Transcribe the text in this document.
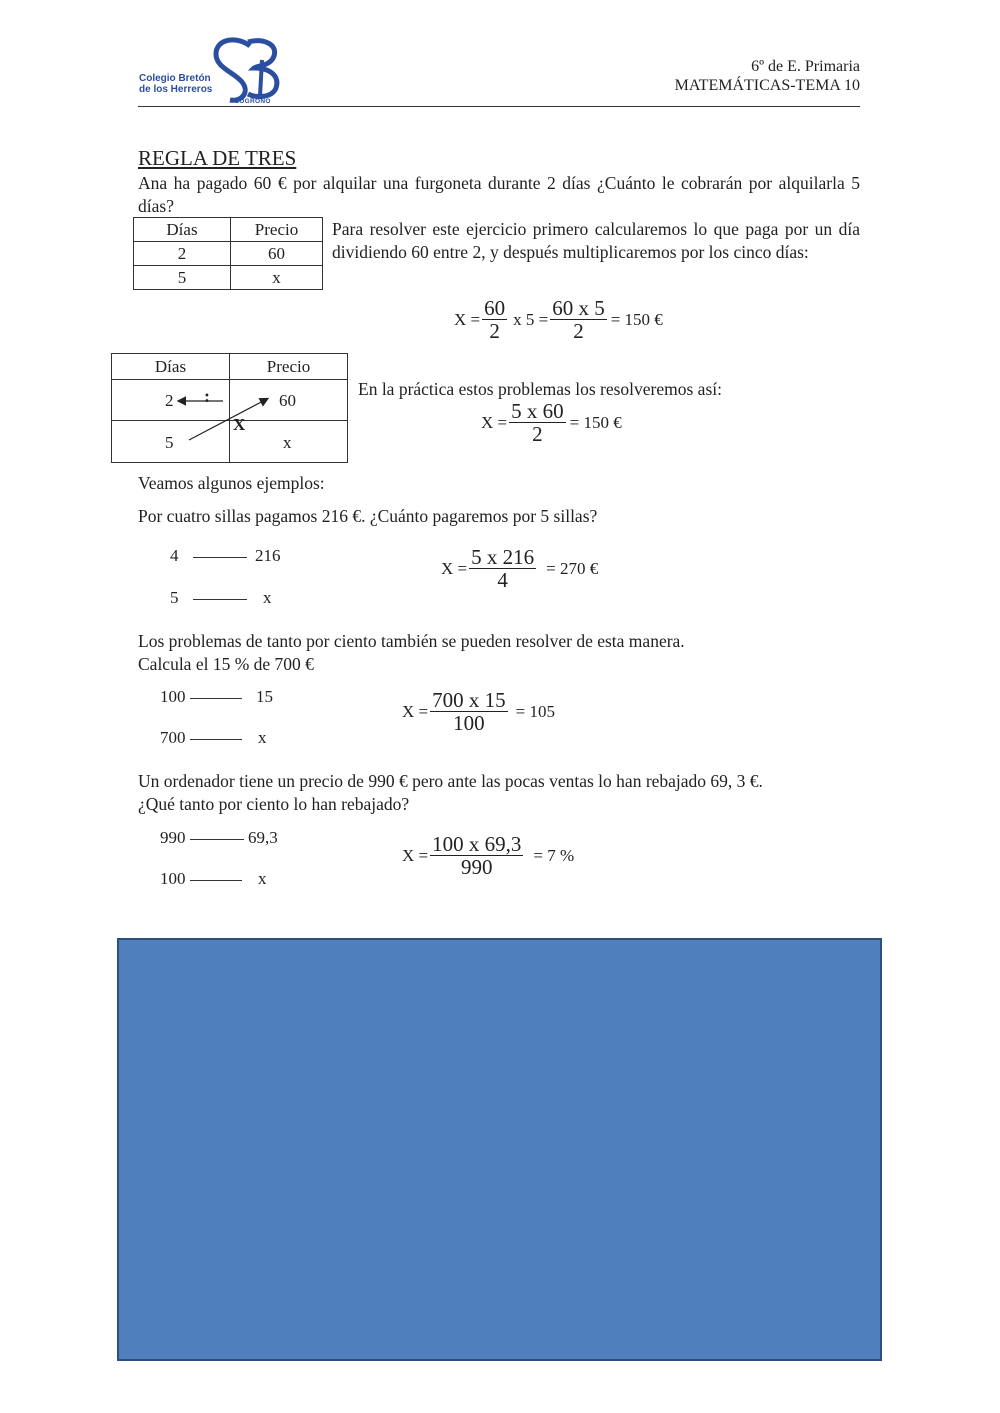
Colegio Bretón
de los Herreros
LOGROÑO
6º de E. Primaria
MATEMÁTICAS-TEMA 10
REGLA DE TRES
Ana ha pagado 60 € por alquilar una furgoneta durante 2 días ¿Cuánto le cobrarán por alquilarla 5 días?
Días	Precio
2	60
5	x
Para resolver este ejercicio primero calcularemos lo que paga por un día dividiendo 60 entre 2, y después multiplicaremos por los cinco días:
$X = \frac{60}{2}$ x $5 = \frac{60 x 5}{2} = 150$ €
Días	Precio

2	60
5	x
:
X
En la práctica estos problemas los resolveremos así:
$X = \frac{5 x 60}{2} = 150$ €
Veamos algunos ejemplos:
Por cuatro sillas pagamos 216 €. ¿Cuánto pagaremos por 5 sillas?
4	216
5	x
$X = \frac{5 x 216}{4} = 270$ €
Los problemas de tanto por ciento también se pueden resolver de esta manera.
Calcula el 15 % de 700 €
100	15
700	x
$X = \frac{700 x 15}{100} = 105$
Un ordenador tiene un precio de 990 € pero ante las pocas ventas lo han rebajado 69, 3 €.
¿Qué tanto por ciento lo han rebajado?
990	69,3
100	x
$X = \frac{100 x 69,3}{990} = 7$ %
